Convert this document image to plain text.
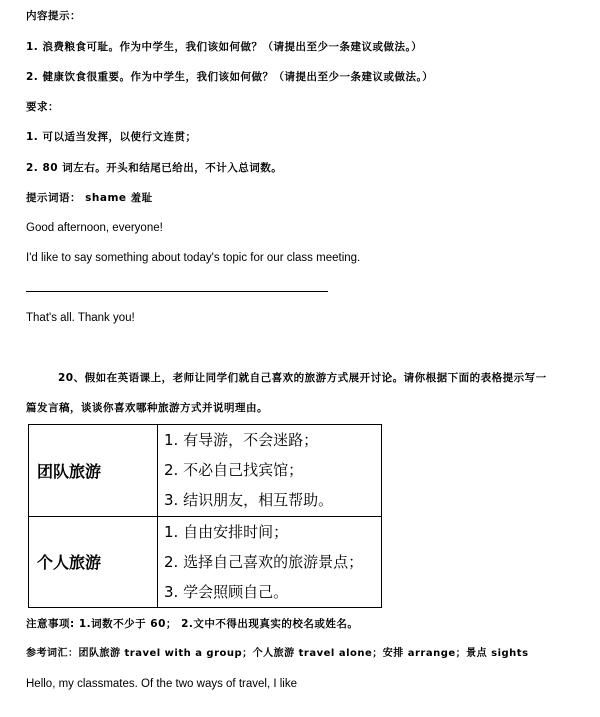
内容提示：
1. 浪费粮食可耻。作为中学生，我们该如何做？（请提出至少一条建议或做法。）
2. 健康饮食很重要。作为中学生，我们该如何做？（请提出至少一条建议或做法。）
要求：
1. 可以适当发挥，以使行文连贯；
2. 80 词左右。开头和结尾已给出，不计入总词数。
提示词语： shame 羞耻
Good afternoon, everyone!
I'd like to say something about today's topic for our class meeting.
That's all. Thank you!
20、假如在英语课上，老师让同学们就自己喜欢的旅游方式展开讨论。请你根据下面的表格提示写一
篇发言稿，谈谈你喜欢哪种旅游方式并说明理由。
团队旅游	1. 有导游，不会迷路；
2. 不必自己找宾馆；
3. 结识朋友，相互帮助。

个人旅游	1. 自由安排时间；
2. 选择自己喜欢的旅游景点；
3. 学会照顾自己。
注意事项: 1.词数不少于 60； 2.文中不得出现真实的校名或姓名。
参考词汇：团队旅游 travel with a group；个人旅游 travel alone；安排 arrange；景点 sights
Hello, my classmates. Of the two ways of travel, I like
